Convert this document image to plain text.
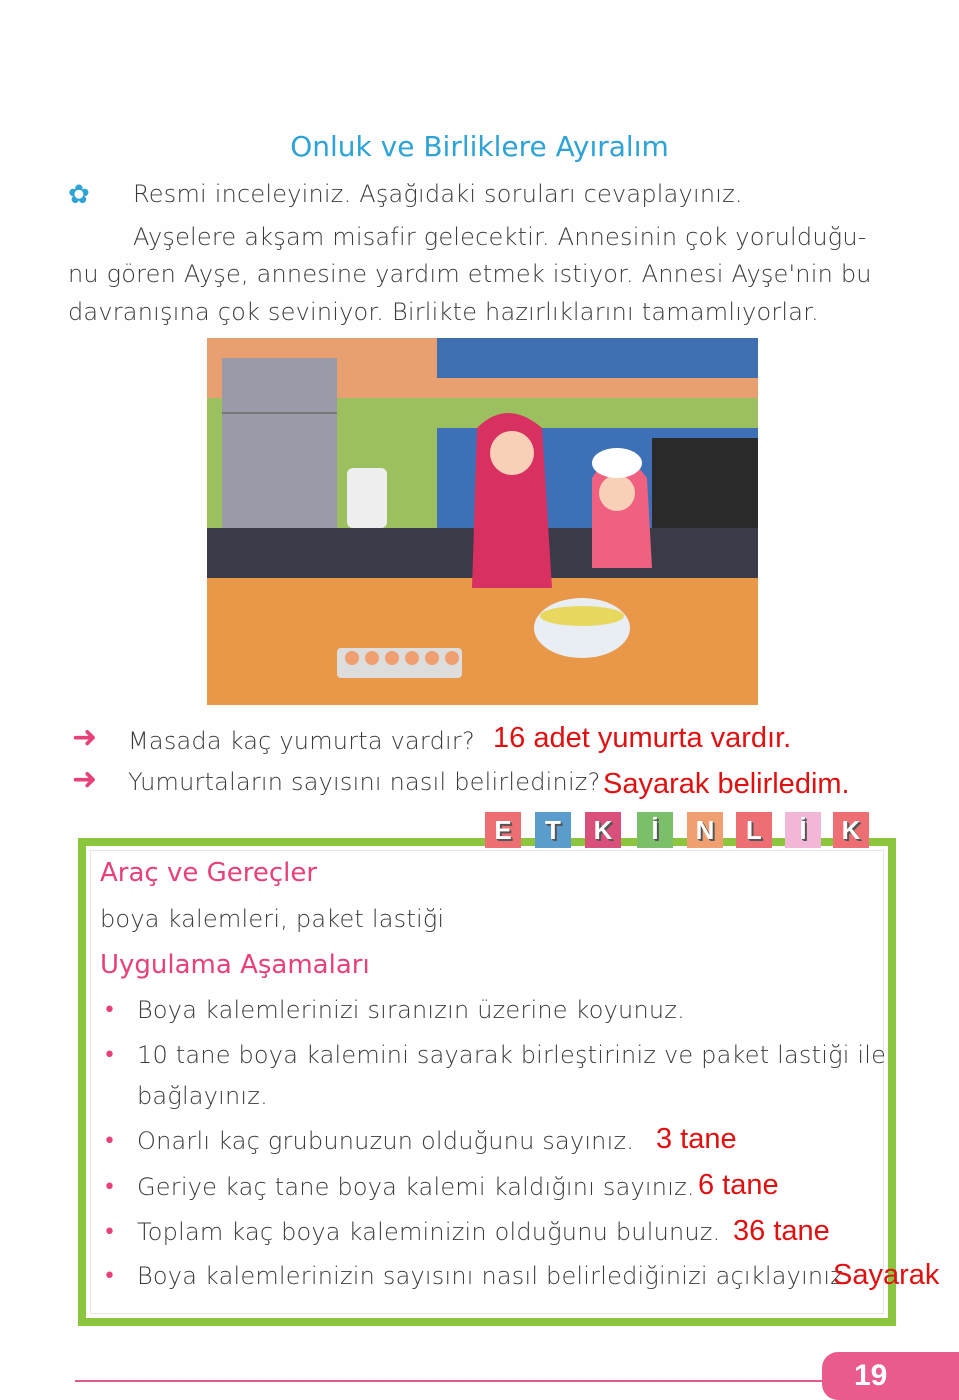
Onluk ve Birliklere Ayıralım
✿ Resmi inceleyiniz. Aşağıdaki soruları cevaplayınız.
Ayşelere akşam misafir gelecektir. Annesinin çok yorulduğu-
nu gören Ayşe, annesine yardım etmek istiyor. Annesi Ayşe'nin bu
davranışına çok seviniyor. Birlikte hazırlıklarını tamamlıyorlar.
➜ Masada kaç yumurta vardır? 16 adet yumurta vardır.
➜ Yumurtaların sayısını nasıl belirlediniz? Sayarak belirledim.
E	T	K	İ	N	L	İ	K
Araç ve Gereçler
boya kalemleri, paket lastiği
Uygulama Aşamaları
• Boya kalemlerinizi sıranızın üzerine koyunuz.
• 10 tane boya kalemini sayarak birleştiriniz ve paket lastiği ile
bağlayınız.
• Onarlı kaç grubunuzun olduğunu sayınız. 3 tane
• Geriye kaç tane boya kalemi kaldığını sayınız. 6 tane
• Toplam kaç boya kaleminizin olduğunu bulunuz. 36 tane
• Boya kalemlerinizin sayısını nasıl belirlediğinizi açıklayınız.
Sayarak
19
